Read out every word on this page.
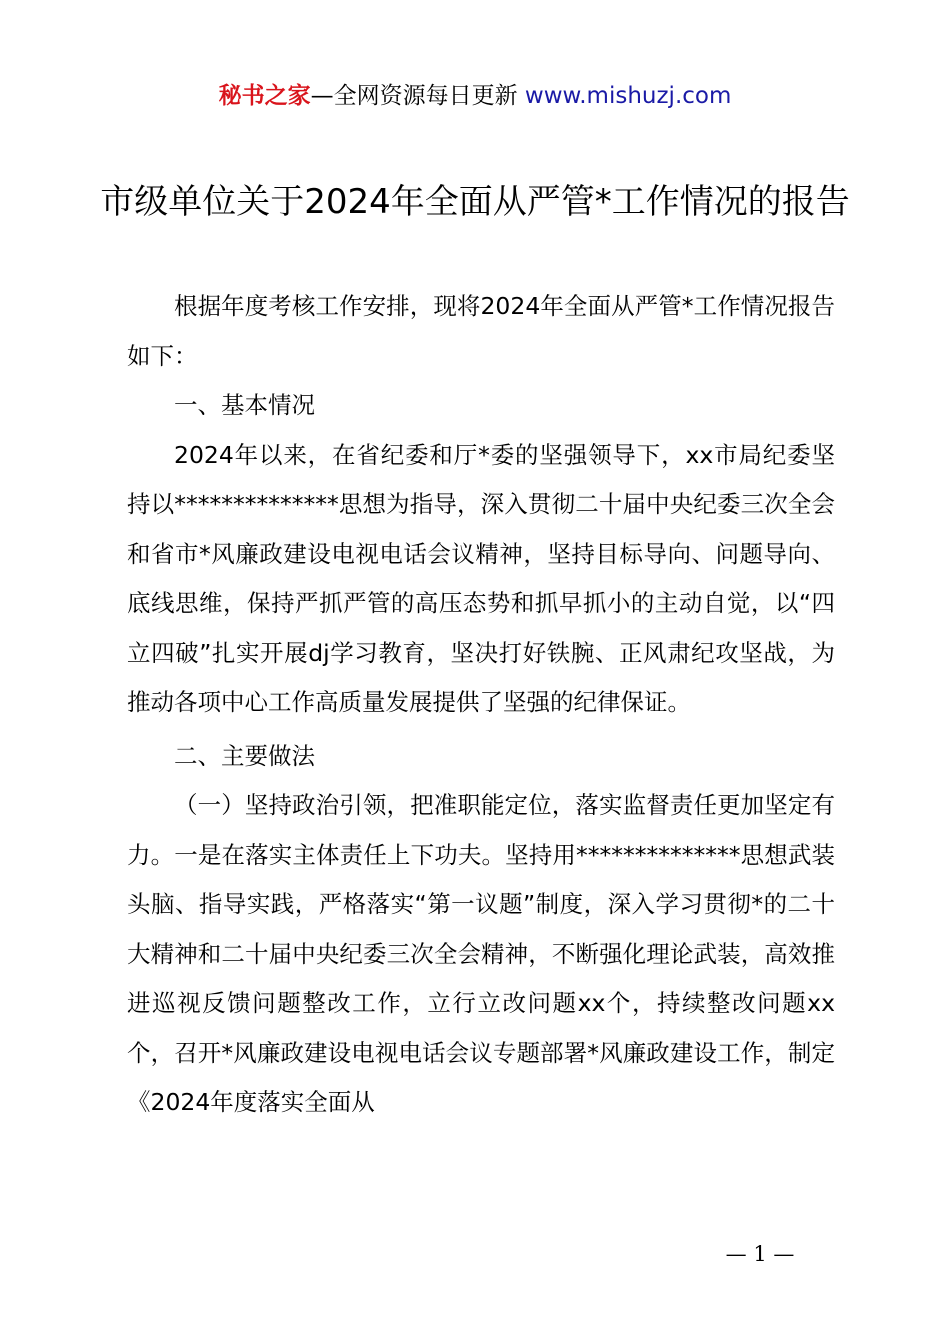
秘书之家—全网资源每日更新 www.mishuzj.com
市级单位关于2024年全面从严管*工作情况的报告

根据年度考核工作安排，现将2024年全面从严管*工作情况报告如下：

一、基本情况

2024年以来，在省纪委和厅*委的坚强领导下，xx市局纪委坚持以**************思想为指导，深入贯彻二十届中央纪委三次全会和省市*风廉政建设电视电话会议精神，坚持目标导向、问题导向、底线思维，保持严抓严管的高压态势和抓早抓小的主动自觉，以“四立四破”扎实开展dj学习教育，坚决打好铁腕、正风肃纪攻坚战，为推动各项中心工作高质量发展提供了坚强的纪律保证。

二、主要做法

（一）坚持政治引领，把准职能定位，落实监督责任更加坚定有力。一是在落实主体责任上下功夫。坚持用**************思想武装头脑、指导实践，严格落实“第一议题”制度，深入学习贯彻*的二十大精神和二十届中央纪委三次全会精神，不断强化理论武装，高效推进巡视反馈问题整改工作，立行立改问题xx个，持续整改问题xx个，召开*风廉政建设电视电话会议专题部署*风廉政建设工作，制定《2024年度落实全面从

— 1 —
